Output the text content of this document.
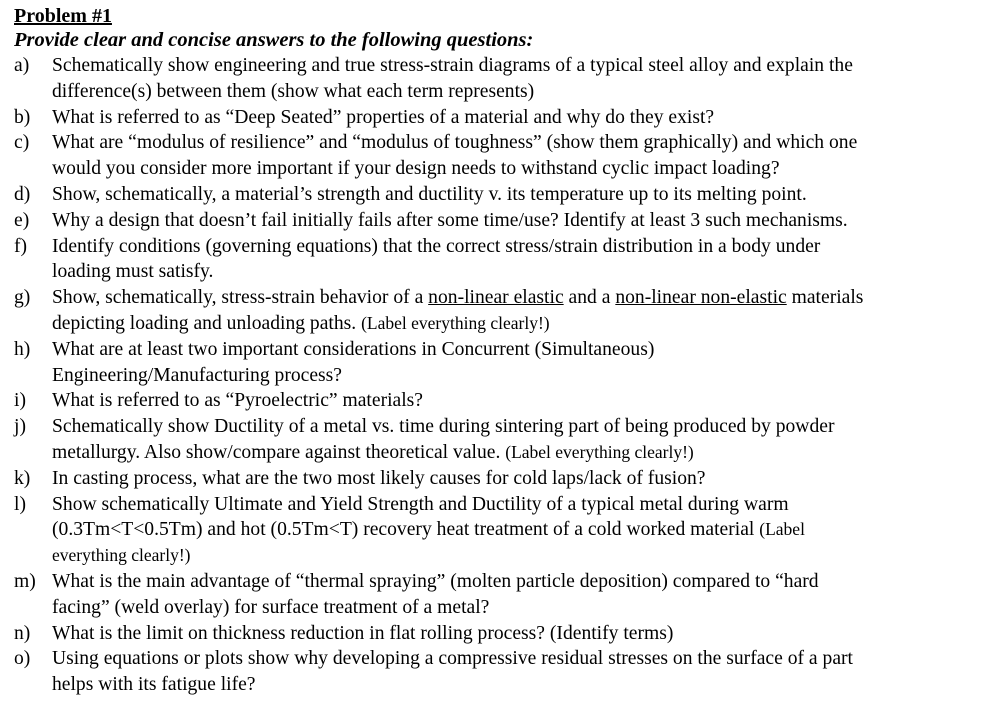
Problem #1
Provide clear and concise answers to the following questions:
a)	Schematically show engineering and true stress-strain diagrams of a typical steel alloy and explain the
difference(s) between them (show what each term represents)
b)	What is referred to as “Deep Seated” properties of a material and why do they exist?
c)	What are “modulus of resilience” and “modulus of toughness” (show them graphically) and which one
would you consider more important if your design needs to withstand cyclic impact loading?
d)	Show, schematically, a material’s strength and ductility v. its temperature up to its melting point.
e)	Why a design that doesn’t fail initially fails after some time/use? Identify at least 3 such mechanisms.
f)	Identify conditions (governing equations) that the correct stress/strain distribution in a body under
loading must satisfy.
g)	Show, schematically, stress-strain behavior of a non-linear elastic and a non-linear non-elastic materials
depicting loading and unloading paths. (Label everything clearly!)
h)	What are at least two important considerations in Concurrent (Simultaneous)
Engineering/Manufacturing process?
i)	What is referred to as “Pyroelectric” materials?
j)	Schematically show Ductility of a metal vs. time during sintering part of being produced by powder
metallurgy. Also show/compare against theoretical value. (Label everything clearly!)
k)	In casting process, what are the two most likely causes for cold laps/lack of fusion?
l)	Show schematically Ultimate and Yield Strength and Ductility of a typical metal during warm
(0.3Tm<T<0.5Tm) and hot (0.5Tm<T) recovery heat treatment of a cold worked material (Label
everything clearly!)
m) What is the main advantage of “thermal spraying” (molten particle deposition) compared to “hard
facing” (weld overlay) for surface treatment of a metal?
n)	What is the limit on thickness reduction in flat rolling process? (Identify terms)
o)	Using equations or plots show why developing a compressive residual stresses on the surface of a part
helps with its fatigue life?
